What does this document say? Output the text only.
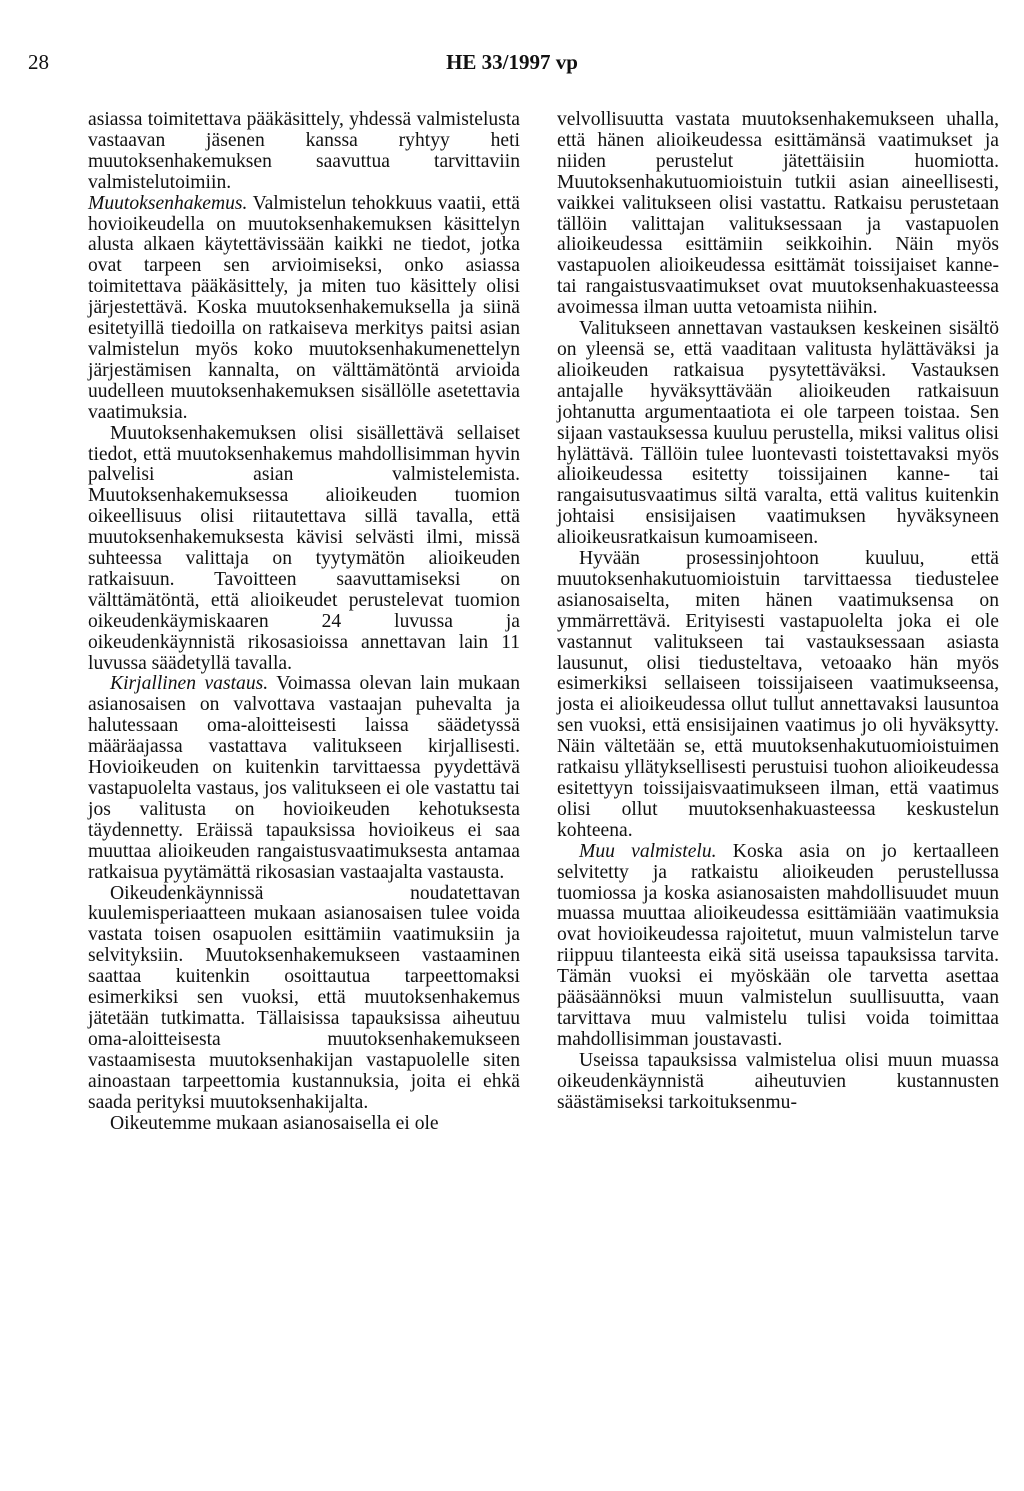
28	HE 33/1997 vp

asiassa toimitettava pääkäsittely, yhdessä valmistelusta vastaavan jäsenen kanssa ryhtyy heti muutoksenhakemuksen saavuttua tarvittaviin valmistelutoimiin.

Muutoksenhakemus. Valmistelun tehokkuus vaatii, että hovioikeudella on muutoksenhakemuksen käsittelyn alusta alkaen käytettävissään kaikki ne tiedot, jotka ovat tarpeen sen arvioimiseksi, onko asiassa toimitettava pääkäsittely, ja miten tuo käsittely olisi järjestettävä. Koska muutoksenhakemuksella ja siinä esitetyillä tiedoilla on ratkaiseva merkitys paitsi asian valmistelun myös koko muutoksenhakumenettelyn järjestämisen kannalta, on välttämätöntä arvioida uudelleen muutoksenhakemuksen sisällölle asetettavia vaatimuksia.

Muutoksenhakemuksen olisi sisällettävä sellaiset tiedot, että muutoksenhakemus mahdollisimman hyvin palvelisi asian valmistelemista. Muutoksenhakemuksessa alioikeuden tuomion oikeellisuus olisi riitautettava sillä tavalla, että muutoksenhakemuksesta kävisi selvästi ilmi, missä suhteessa valittaja on tyytymätön alioikeuden ratkaisuun. Tavoitteen saavuttamiseksi on välttämätöntä, että alioikeudet perustelevat tuomion oikeudenkäymiskaaren 24 luvussa ja oikeudenkäynnistä rikosasioissa annettavan lain 11 luvussa säädetyllä tavalla.

Kirjallinen vastaus. Voimassa olevan lain mukaan asianosaisen on valvottava vastaajan puhevalta ja halutessaan oma-aloitteisesti laissa säädetyssä määräajassa vastattava valitukseen kirjallisesti. Hovioikeuden on kuitenkin tarvittaessa pyydettävä vastapuolelta vastaus, jos valitukseen ei ole vastattu tai jos valitusta on hovioikeuden kehotuksesta täydennetty. Eräissä tapauksissa hovioikeus ei saa muuttaa alioikeuden rangaistusvaatimuksesta antamaa ratkaisua pyytämättä rikosasian vastaajalta vastausta.

Oikeudenkäynnissä noudatettavan kuulemisperiaatteen mukaan asianosaisen tulee voida vastata toisen osapuolen esittämiin vaatimuksiin ja selvityksiin. Muutoksenhakemukseen vastaaminen saattaa kuitenkin osoittautua tarpeettomaksi esimerkiksi sen vuoksi, että muutoksenhakemus jätetään tutkimatta. Tällaisissa tapauksissa aiheutuu oma-aloitteisesta muutoksenhakemukseen vastaamisesta muutoksenhakijan vastapuolelle siten ainoastaan tarpeettomia kustannuksia, joita ei ehkä saada perityksi muutoksenhakijalta.

Oikeutemme mukaan asianosaisella ei ole

velvollisuutta vastata muutoksenhakemukseen uhalla, että hänen alioikeudessa esittämänsä vaatimukset ja niiden perustelut jätettäisiin huomiotta. Muutoksenhakutuomioistuin tutkii asian aineellisesti, vaikkei valitukseen olisi vastattu. Ratkaisu perustetaan tällöin valittajan valituksessaan ja vastapuolen alioikeudessa esittämiin seikkoihin. Näin myös vastapuolen alioikeudessa esittämät toissijaiset kanne- tai rangaistusvaatimukset ovat muutoksenhakuasteessa avoimessa ilman uutta vetoamista niihin.

Valitukseen annettavan vastauksen keskeinen sisältö on yleensä se, että vaaditaan valitusta hylättäväksi ja alioikeuden ratkaisua pysytettäväksi. Vastauksen antajalle hyväksyttävään alioikeuden ratkaisuun johtanutta argumentaatiota ei ole tarpeen toistaa. Sen sijaan vastauksessa kuuluu perustella, miksi valitus olisi hylättävä. Tällöin tulee luontevasti toistettavaksi myös alioikeudessa esitetty toissijainen kanne- tai rangaisutusvaatimus siltä varalta, että valitus kuitenkin johtaisi ensisijaisen vaatimuksen hyväksyneen alioikeusratkaisun kumoamiseen.

Hyvään prosessinjohtoon kuuluu, että muutoksenhakutuomioistuin tarvittaessa tiedustelee asianosaiselta, miten hänen vaatimuksensa on ymmärrettävä. Erityisesti vastapuolelta joka ei ole vastannut valitukseen tai vastauksessaan asiasta lausunut, olisi tiedusteltava, vetoaako hän myös esimerkiksi sellaiseen toissijaiseen vaatimukseensa, josta ei alioikeudessa ollut tullut annettavaksi lausuntoa sen vuoksi, että ensisijainen vaatimus jo oli hyväksytty. Näin vältetään se, että muutoksenhakutuomioistuimen ratkaisu yllätyksellisesti perustuisi tuohon alioikeudessa esitettyyn toissijaisvaatimukseen ilman, että vaatimus olisi ollut muutoksenhakuasteessa keskustelun kohteena.

Muu valmistelu. Koska asia on jo kertaalleen selvitetty ja ratkaistu alioikeuden perustellussa tuomiossa ja koska asianosaisten mahdollisuudet muun muassa muuttaa alioikeudessa esittämiään vaatimuksia ovat hovioikeudessa rajoitetut, muun valmistelun tarve riippuu tilanteesta eikä sitä useissa tapauksissa tarvita. Tämän vuoksi ei myöskään ole tarvetta asettaa pääsäännöksi muun valmistelun suullisuutta, vaan tarvittava muu valmistelu tulisi voida toimittaa mahdollisimman joustavasti.

Useissa tapauksissa valmistelua olisi muun muassa oikeudenkäynnistä aiheutuvien kustannusten säästämiseksi tarkoituksenmu-
